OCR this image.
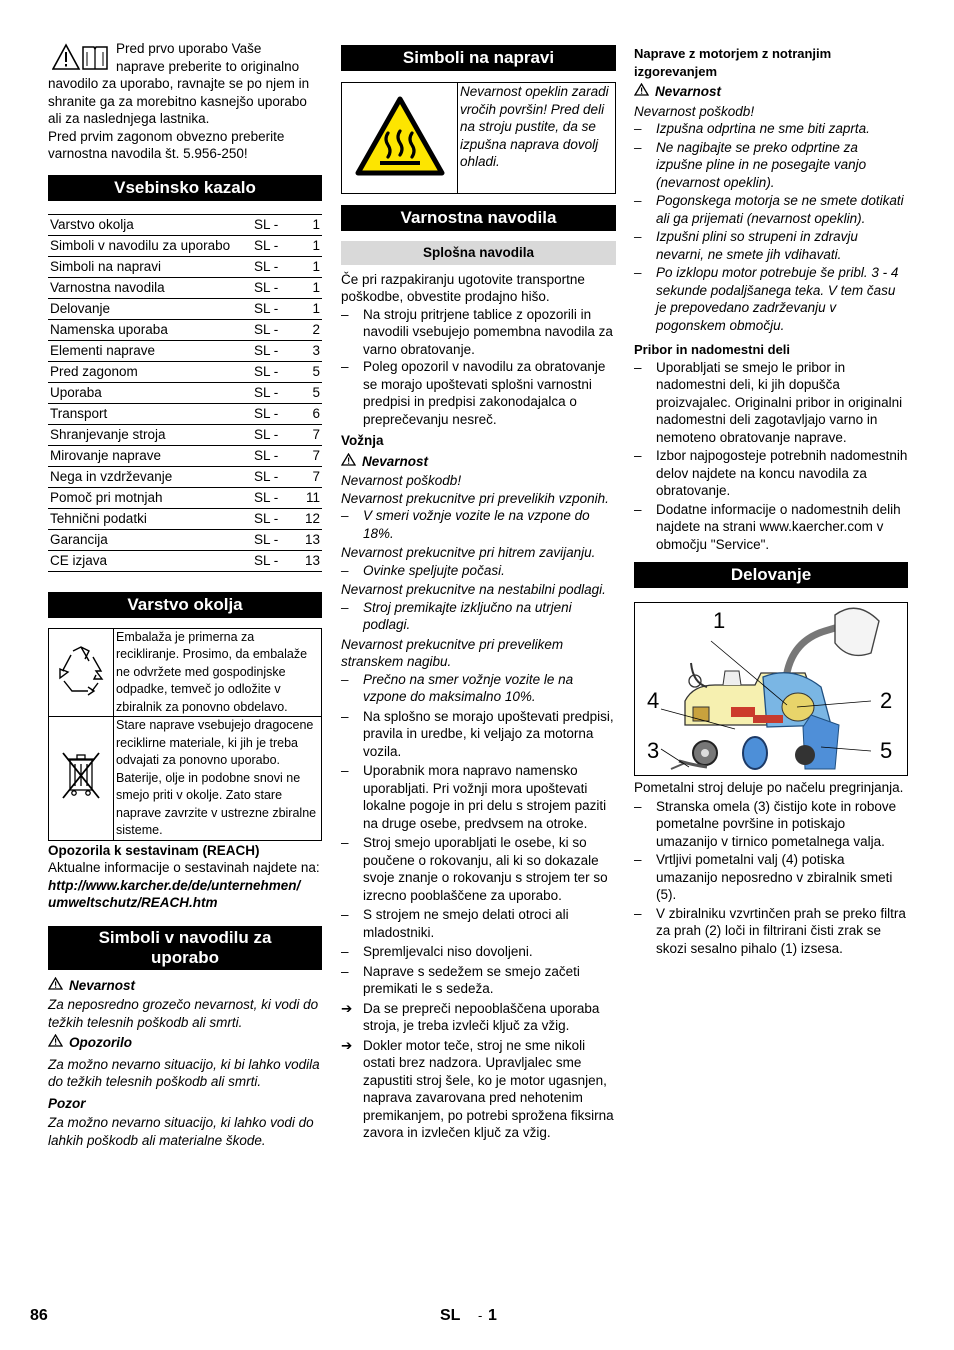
Pred prvo uporabo Vaše

naprave preberite to originalno

navodilo za uporabo, ravnajte se po njem in

shranite ga za morebitno kasnejšo uporabo

ali za naslednjega lastnika.

Pred prvim zagonom obvezno preberite

varnostna navodila št. 5.956-250!

Vsebinsko kazalo
Varstvo okolja	SL -	1
Simboli v navodilu za uporabo	SL -	1
Simboli na napravi	SL -	1
Varnostna navodila	SL -	1
Delovanje	SL -	1
Namenska uporaba	SL -	2
Elementi naprave	SL -	3
Pred zagonom	SL -	5
Uporaba	SL -	5
Transport	SL -	6
Shranjevanje stroja	SL -	7
Mirovanje naprave	SL -	7
Nega in vzdrževanje	SL -	7
Pomoč pri motnjah	SL -	11
Tehnični podatki	SL -	12
Garancija	SL -	13
CE izjava	SL -	13
Varstvo okolja
	Embalaža je primerna za recikliranje. Prosimo, da embalaže ne odvržete med gospodinjske odpadke, temveč jo odložite v zbiralnik za ponovno obdelavo.
	Stare naprave vsebujejo dragocene reciklirne materiale, ki jih je treba odvajati za ponovno uporabo. Baterije, olje in podobne snovi ne smejo priti v okolje. Zato stare naprave zavrzite v ustrezne zbiralne sisteme.

Opozorila k sestavinam (REACH)

Aktualne informacije o sestavinah najdete na:

http://www.karcher.de/de/unternehmen/

umweltschutz/REACH.htm

Simboli v navodilu za uporabo
Nevarnost

Za neposredno grozečo nevarnost, ki vodi do težkih telesnih poškodb ali smrti.

Opozorilo

Za možno nevarno situacijo, ki bi lahko vodila do težkih telesnih poškodb ali smrti.

Pozor

Za možno nevarno situacijo, ki lahko vodi do lahkih poškodb ali materialne škode.

Simboli na napravi
	Nevarnost opeklin zaradi vročih površin! Pred deli na stroju pustite, da se izpušna naprava dovolj ohladi.
Varnostna navodila
Splošna navodila

Če pri razpakiranju ugotovite transportne poškodbe, obvestite prodajno hišo.

–	Na stroju pritrjene tablice z opozorili in navodili vsebujejo pomembna navodila za varno obratovanje.
–	Poleg opozoril v navodilu za obratovanje se morajo upoštevati splošni varnostni predpisi in predpisi zakonodajalca o preprečevanju nesreč.

Vožnja

Nevarnost

Nevarnost poškodb!

Nevarnost prekucnitve pri prevelikih vzponih.

–	V smeri vožnje vozite le na vzpone do 18%.

Nevarnost prekucnitve pri hitrem zavijanju.

–	Ovinke speljujte počasi.

Nevarnost prekucnitve na nestabilni podlagi.

–	Stroj premikajte izključno na utrjeni podlagi.

Nevarnost prekucnitve pri prevelikem stranskem nagibu.

–	Prečno na smer vožnje vozite le na vzpone do maksimalno 10%.
–	Na splošno se morajo upoštevati predpisi, pravila in uredbe, ki veljajo za motorna vozila.
–	Uporabnik mora napravo namensko uporabljati. Pri vožnji mora upoštevati lokalne pogoje in pri delu s strojem paziti na druge osebe, predvsem na otroke.
–	Stroj smejo uporabljati le osebe, ki so poučene o rokovanju, ali ki so dokazale svoje znanje o rokovanju s strojem ter so izrecno pooblaščene za uporabo.
–	S strojem ne smejo delati otroci ali mladostniki.
–	Spremljevalci niso dovoljeni.
–	Naprave s sedežem se smejo začeti premikati le s sedeža.
➔ Da se prepreči nepooblaščena uporaba stroja, je treba izvleči ključ za vžig.
➔ Dokler motor teče, stroj ne sme nikoli ostati brez nadzora. Upravljalec sme zapustiti stroj šele, ko je motor ugasnjen, naprava zavarovana pred nehotenim premikanjem, po potrebi sprožena fiksirna zavora in izvlečen ključ za vžig.

Naprave z motorjem z notranjim izgorevanjem

Nevarnost

Nevarnost poškodb!

–	Izpušna odprtina ne sme biti zaprta.
–	Ne nagibajte se preko odprtine za izpušne pline in ne posegajte vanjo (nevarnost opeklin).
–	Pogonskega motorja se ne smete dotikati ali ga prijemati (nevarnost opeklin).
–	Izpušni plini so strupeni in zdravju nevarni, ne smete jih vdihavati.
–	Po izklopu motor potrebuje še pribl. 3 - 4 sekunde podaljšanega teka. V tem času je prepovedano zadrževanju v pogonskem območju.

Pribor in nadomestni deli

–	Uporabljati se smejo le pribor in nadomestni deli, ki jih dopušča proizvajalec. Originalni pribor in originalni nadomestni deli zagotavljajo varno in nemoteno obratovanje naprave.
–	Izbor najpogosteje potrebnih nadomestnih delov najdete na koncu navodila za obratovanje.
–	Dodatne informacije o nadomestnih delih najdete na strani www.kaercher.com v območju "Service".
Delovanje
1
2
3
4
5

Pometalni stroj deluje po načelu pregrinjanja.

–	Stranska omela (3) čistijo kote in robove pometalne površine in potiskajo umazanijo v tirnico pometalnega valja.
–	Vrtljivi pometalni valj (4) potiska umazanijo neposredno v zbiralnik smeti (5).
–	V zbiralniku vzvrtinčen prah se preko filtra za prah (2) loči in filtrirani čisti zrak se skozi sesalno pihalo (1) izsesa.
86	SL - 1
